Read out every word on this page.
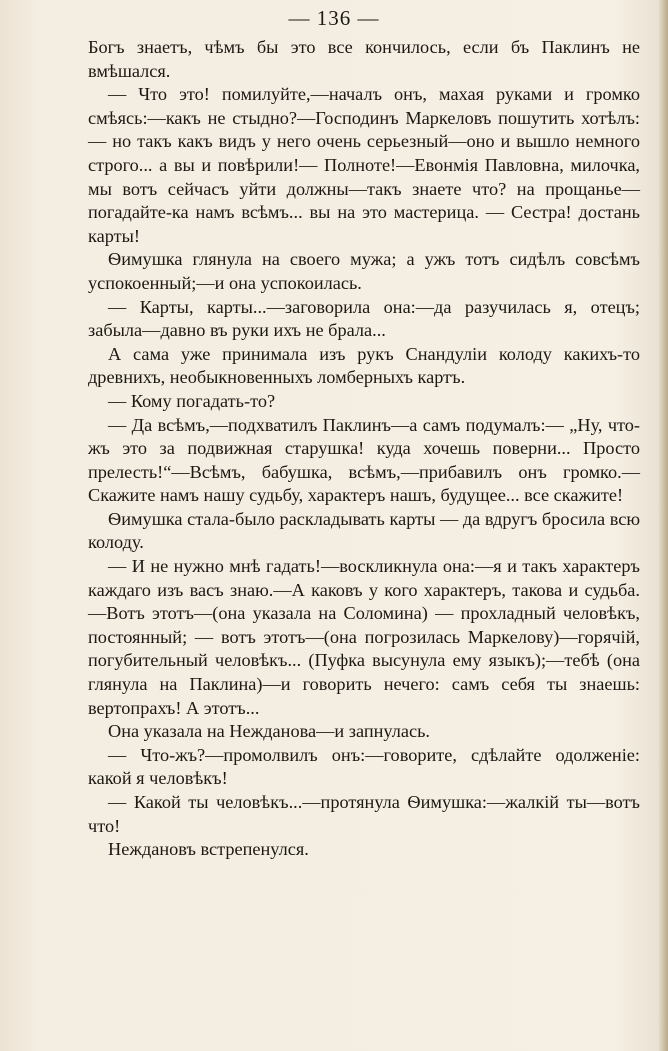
— 136 —

Богъ знаетъ, чѣмъ бы это все кончилось, если бъ Паклинъ не вмѣшался.

— Что это! помилуйте,—началъ онъ, махая руками и громко смѣясь:—какъ не стыдно?—Господинъ Маркеловъ пошутить хотѣлъ: — но такъ какъ видъ у него очень серьезный—оно и вышло немного строго... а вы и повѣрили!— Полноте!—Евонмія Павловна, милочка, мы вотъ сейчасъ уйти должны—такъ знаете что? на прощанье—погадайте-ка намъ всѣмъ... вы на это мастерица. — Сестра! достань карты!

Ѳимушка глянула на своего мужа; а ужъ тотъ сидѣлъ совсѣмъ успокоенный;—и она успокоилась.

— Карты, карты...—заговорила она:—да разучилась я, отецъ; забыла—давно въ руки ихъ не брала...

А сама уже принимала изъ рукъ Снандуліи колоду какихъ-то древнихъ, необыкновенныхъ ломберныхъ картъ.

— Кому погадать-то?

— Да всѣмъ,—подхватилъ Паклинъ—а самъ подумалъ:— „Ну, что-жъ это за подвижная старушка! куда хочешь поверни... Просто прелесть!“—Всѣмъ, бабушка, всѣмъ,—прибавилъ онъ громко.—Скажите намъ нашу судьбу, характеръ нашъ, будущее... все скажите!

Ѳимушка стала-было раскладывать карты — да вдругъ бросила всю колоду.

— И не нужно мнѣ гадать!—воскликнула она:—я и такъ характеръ каждаго изъ васъ знаю.—А каковъ у кого характеръ, такова и судьба.—Вотъ этотъ—(она указала на Соломина) — прохладный человѣкъ, постоянный; — вотъ этотъ—(она погрозилась Маркелову)—горячій, погубительный человѣкъ... (Пуфка высунула ему языкъ);—тебѣ (она глянула на Паклина)—и говорить нечего: самъ себя ты знаешь: вертопрахъ! А этотъ...

Она указала на Нежданова—и запнулась.

— Что-жъ?—промолвилъ онъ:—говорите, сдѣлайте одолженіе: какой я человѣкъ!

— Какой ты человѣкъ...—протянула Ѳимушка:—жалкій ты—вотъ что!

Неждановъ встрепенулся.
